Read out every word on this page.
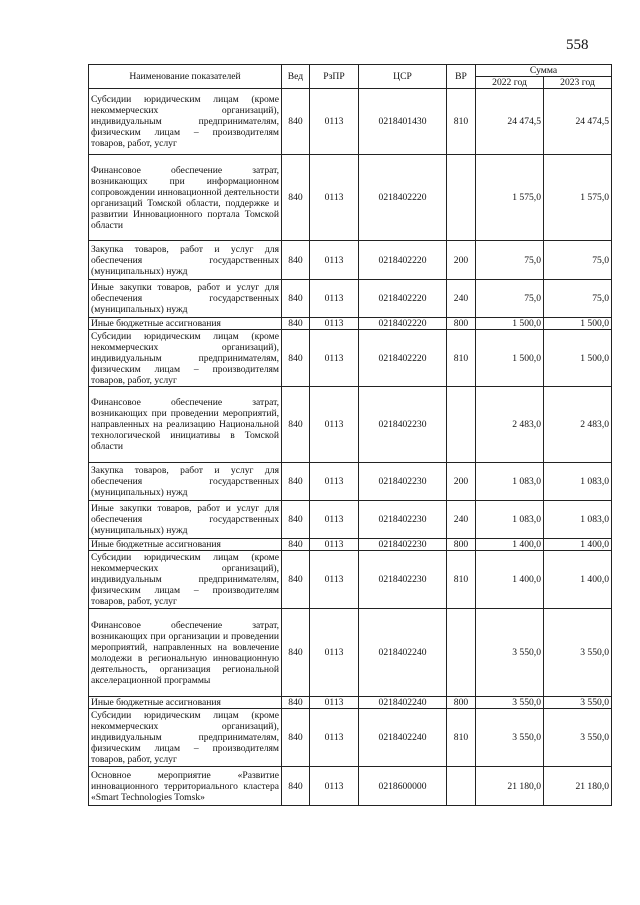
558
Наименование показателей	Вед	РзПР	ЦСР	ВР	Сумма	
					2022 год	2023 год
Субсидии юридическим лицам (кроме некоммерческих организаций), индивидуальным предпринимателям, физическим лицам – производителям товаров, работ, услуг	840	0113	0218401430	810	24 474,5	24 474,5
Финансовое обеспечение затрат, возникающих при информационном сопровождении инновационной деятельности организаций Томской области, поддержке и развитии Инновационного портала Томской области	840	0113	0218402220		1 575,0	1 575,0
Закупка товаров, работ и услуг для обеспечения государственных (муниципальных) нужд	840	0113	0218402220	200	75,0	75,0
Иные закупки товаров, работ и услуг для обеспечения государственных (муниципальных) нужд	840	0113	0218402220	240	75,0	75,0
Иные бюджетные ассигнования	840	0113	0218402220	800	1 500,0	1 500,0
Субсидии юридическим лицам (кроме некоммерческих организаций), индивидуальным предпринимателям, физическим лицам – производителям товаров, работ, услуг	840	0113	0218402220	810	1 500,0	1 500,0
Финансовое обеспечение затрат, возникающих при проведении мероприятий, направленных на реализацию Национальной технологической инициативы в Томской области	840	0113	0218402230		2 483,0	2 483,0
Закупка товаров, работ и услуг для обеспечения государственных (муниципальных) нужд	840	0113	0218402230	200	1 083,0	1 083,0
Иные закупки товаров, работ и услуг для обеспечения государственных (муниципальных) нужд	840	0113	0218402230	240	1 083,0	1 083,0
Иные бюджетные ассигнования	840	0113	0218402230	800	1 400,0	1 400,0
Субсидии юридическим лицам (кроме некоммерческих организаций), индивидуальным предпринимателям, физическим лицам – производителям товаров, работ, услуг	840	0113	0218402230	810	1 400,0	1 400,0
Финансовое обеспечение затрат, возникающих при организации и проведении мероприятий, направленных на вовлечение молодежи в региональную инновационную деятельность, организация региональной акселерационной программы	840	0113	0218402240		3 550,0	3 550,0
Иные бюджетные ассигнования	840	0113	0218402240	800	3 550,0	3 550,0
Субсидии юридическим лицам (кроме некоммерческих организаций), индивидуальным предпринимателям, физическим лицам – производителям товаров, работ, услуг	840	0113	0218402240	810	3 550,0	3 550,0
Основное мероприятие «Развитие инновационного территориального кластера «Smart Technologies Tomsk»	840	0113	0218600000		21 180,0	21 180,0
